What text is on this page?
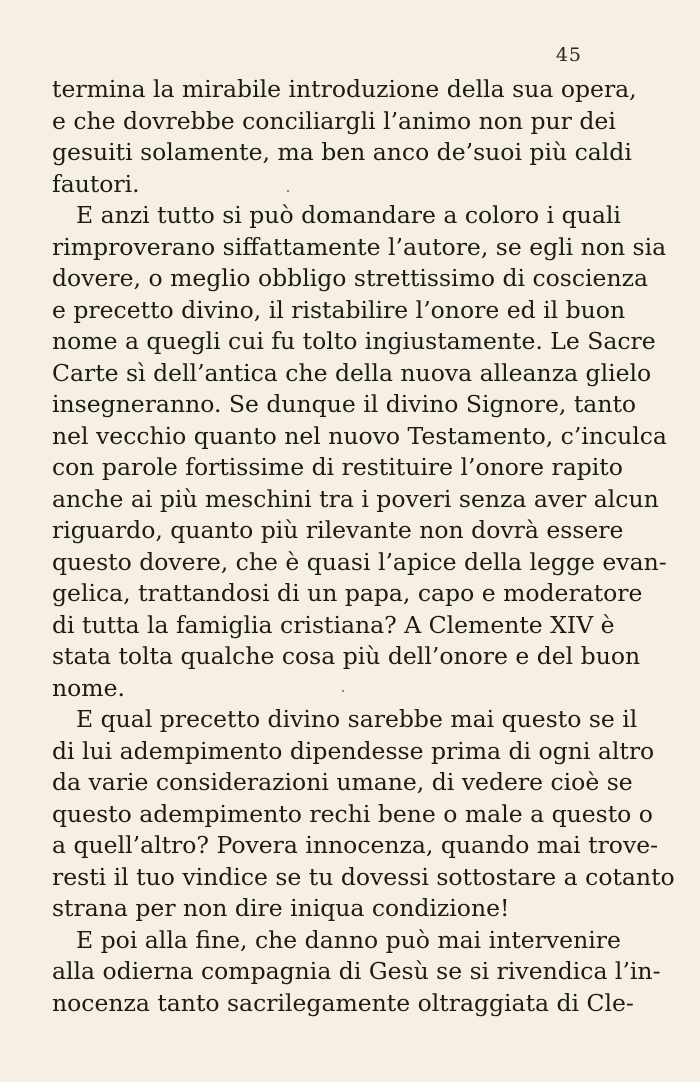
45
termina la mirabile introduzione della sua opera,
e che dovrebbe conciliargli l’animo non pur dei
gesuiti solamente, ma ben anco de’suoi più caldi
fautori.
E anzi tutto si può domandare a coloro i quali
rimproverano siffattamente l’autore, se egli non sia
dovere, o meglio obbligo strettissimo di coscienza
e precetto divino, il ristabilire l’onore ed il buon
nome a quegli cui fu tolto ingiustamente. Le Sacre
Carte sì dell’antica che della nuova alleanza glielo
insegneranno. Se dunque il divino Signore, tanto
nel vecchio quanto nel nuovo Testamento, c’inculca
con parole fortissime di restituire l’onore rapito
anche ai più meschini tra i poveri senza aver alcun
riguardo, quanto più rilevante non dovrà essere
questo dovere, che è quasi l’apice della legge evan-
gelica, trattandosi di un papa, capo e moderatore
di tutta la famiglia cristiana? A Clemente XIV è
stata tolta qualche cosa più dell’onore e del buon
nome.
E qual precetto divino sarebbe mai questo se il
di lui adempimento dipendesse prima di ogni altro
da varie considerazioni umane, di vedere cioè se
questo adempimento rechi bene o male a questo o
a quell’altro? Povera innocenza, quando mai trove-
resti il tuo vindice se tu dovessi sottostare a cotanto
strana per non dire iniqua condizione!
E poi alla fine, che danno può mai intervenire
alla odierna compagnia di Gesù se si rivendica l’in-
nocenza tanto sacrilegamente oltraggiata di Cle-
